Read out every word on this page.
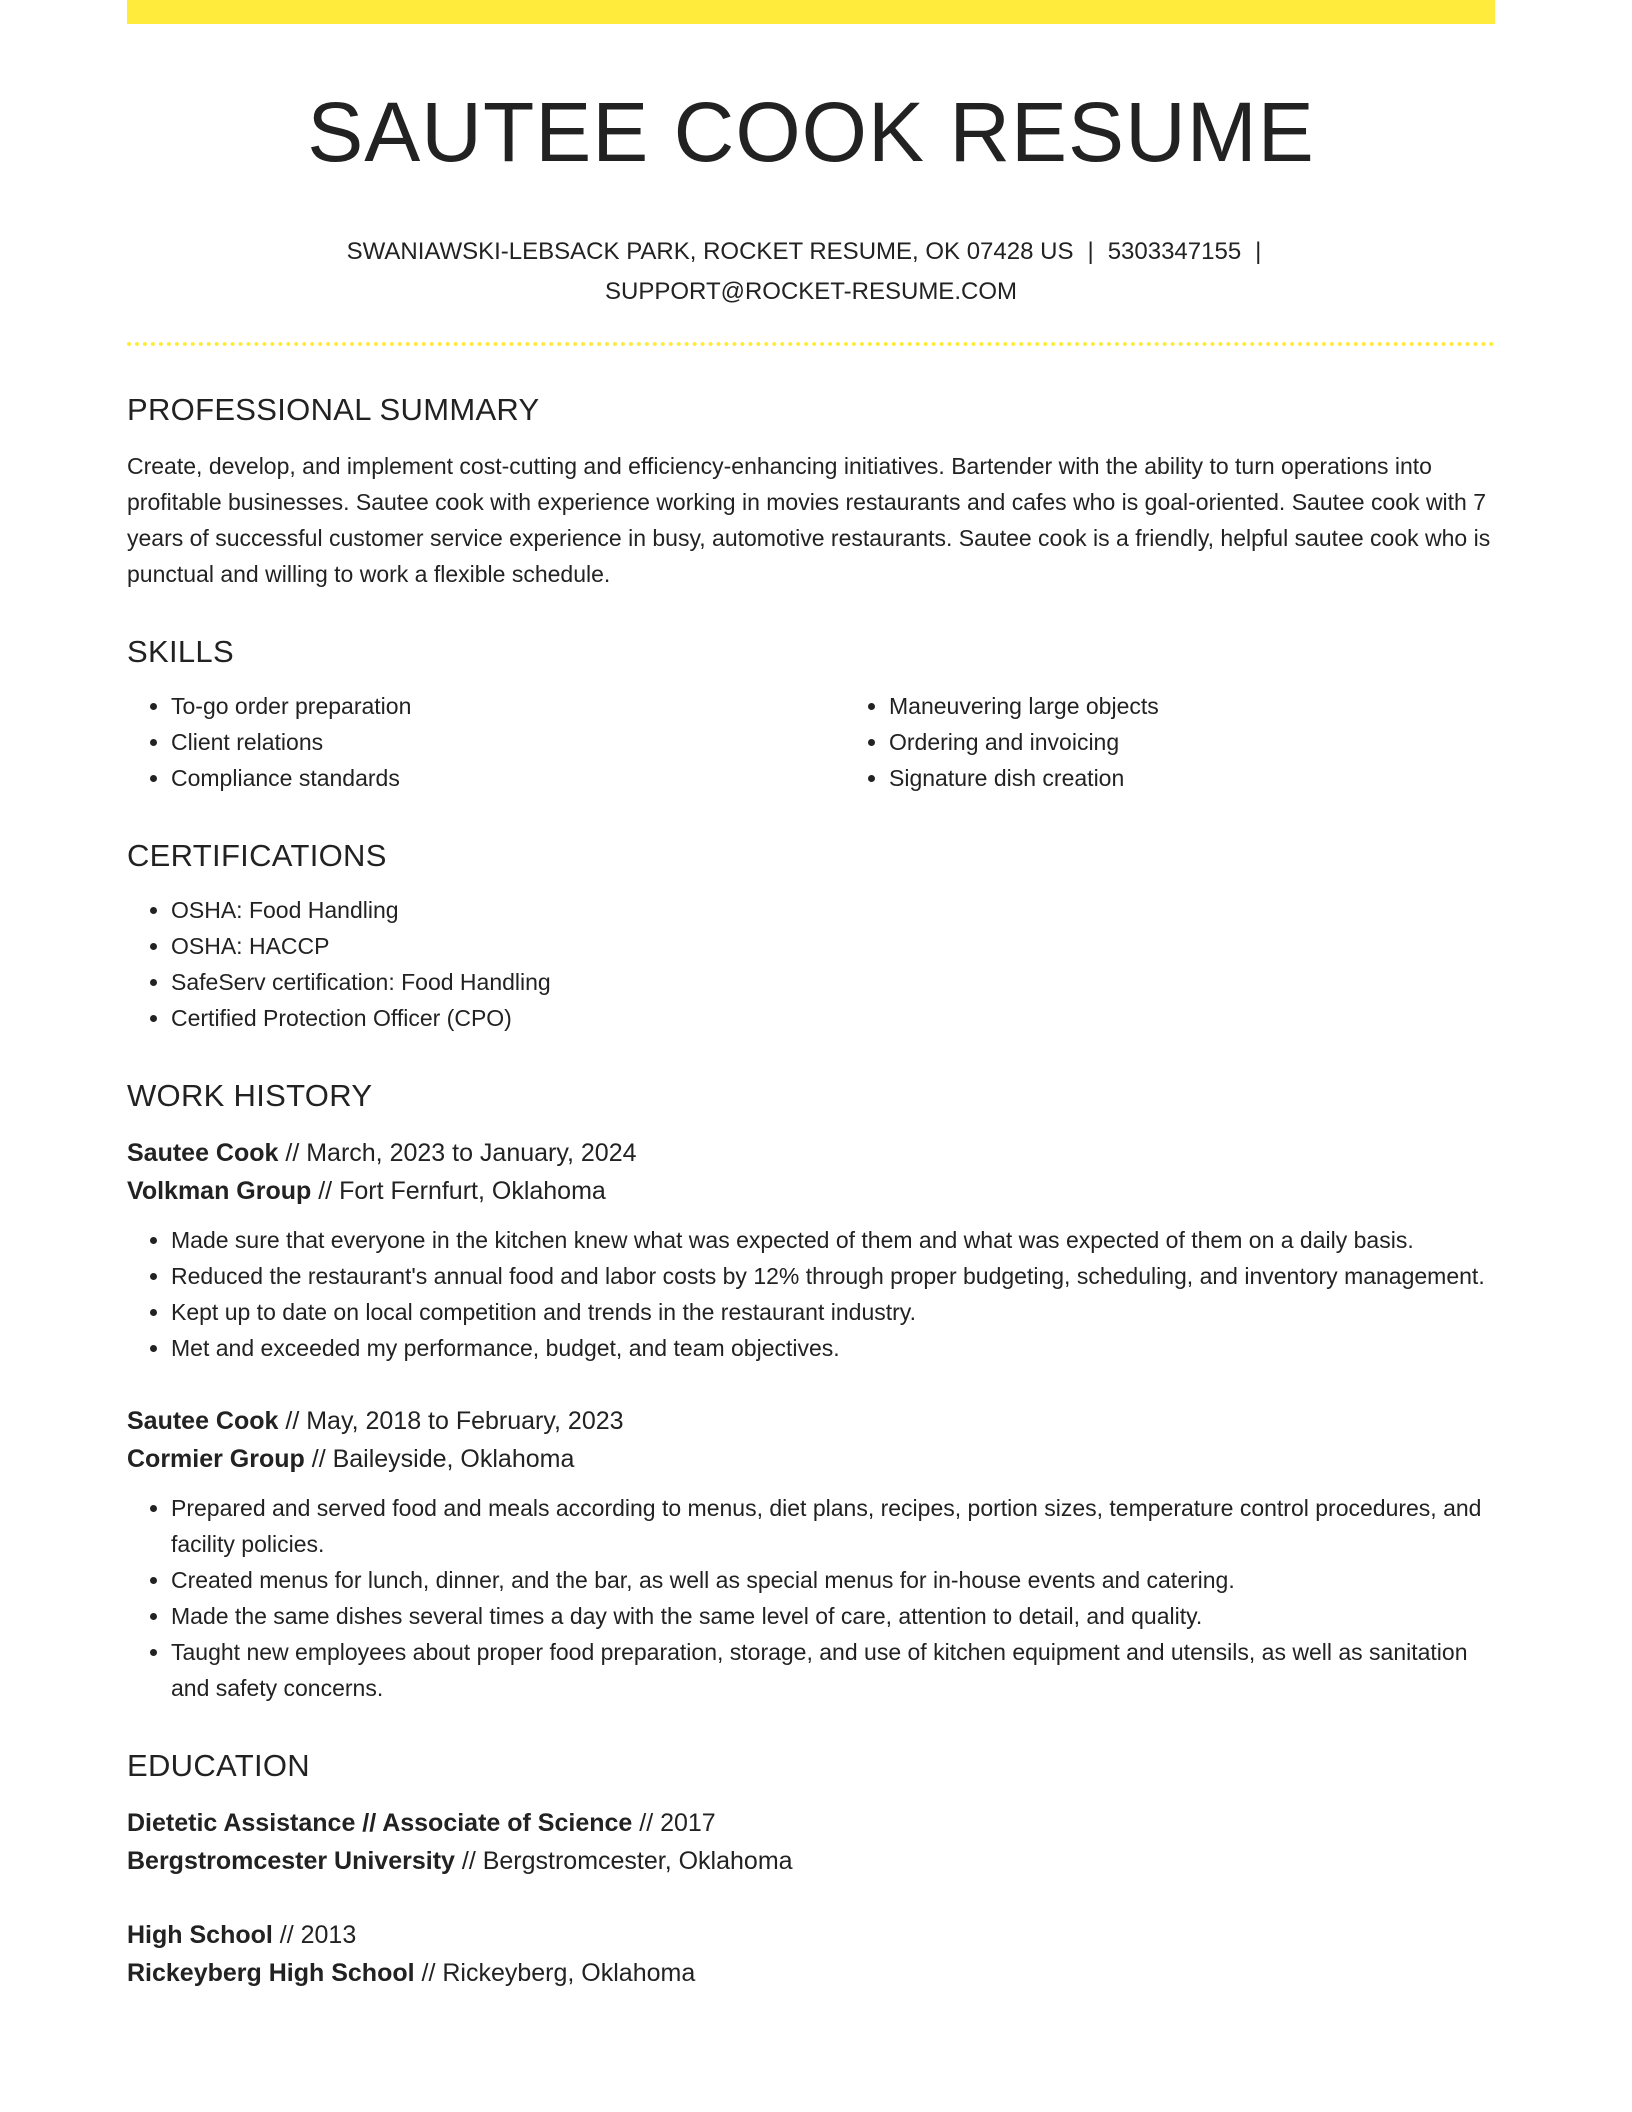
SAUTEE COOK RESUME
SWANIAWSKI-LEBSACK PARK, ROCKET RESUME, OK 07428 US | 5303347155 |
SUPPORT@ROCKET-RESUME.COM
PROFESSIONAL SUMMARY
Create, develop, and implement cost-cutting and efficiency-enhancing initiatives. Bartender with the ability to turn operations into profitable businesses. Sautee cook with experience working in movies restaurants and cafes who is goal-oriented. Sautee cook with 7 years of successful customer service experience in busy, automotive restaurants. Sautee cook is a friendly, helpful sautee cook who is punctual and willing to work a flexible schedule.
SKILLS
• To-go order preparation
• Client relations
• Compliance standards
• Maneuvering large objects
• Ordering and invoicing
• Signature dish creation
CERTIFICATIONS
• OSHA: Food Handling
• OSHA: HACCP
• SafeServ certification: Food Handling
• Certified Protection Officer (CPO)
WORK HISTORY
Sautee Cook // March, 2023 to January, 2024
Volkman Group // Fort Fernfurt, Oklahoma
• Made sure that everyone in the kitchen knew what was expected of them and what was expected of them on a daily basis.
• Reduced the restaurant's annual food and labor costs by 12% through proper budgeting, scheduling, and inventory management.
• Kept up to date on local competition and trends in the restaurant industry.
• Met and exceeded my performance, budget, and team objectives.
Sautee Cook // May, 2018 to February, 2023
Cormier Group // Baileyside, Oklahoma
• Prepared and served food and meals according to menus, diet plans, recipes, portion sizes, temperature control procedures, and facility policies.
• Created menus for lunch, dinner, and the bar, as well as special menus for in-house events and catering.
• Made the same dishes several times a day with the same level of care, attention to detail, and quality.
• Taught new employees about proper food preparation, storage, and use of kitchen equipment and utensils, as well as sanitation and safety concerns.
EDUCATION
Dietetic Assistance // Associate of Science // 2017
Bergstromcester University // Bergstromcester, Oklahoma
High School // 2013
Rickeyberg High School // Rickeyberg, Oklahoma
